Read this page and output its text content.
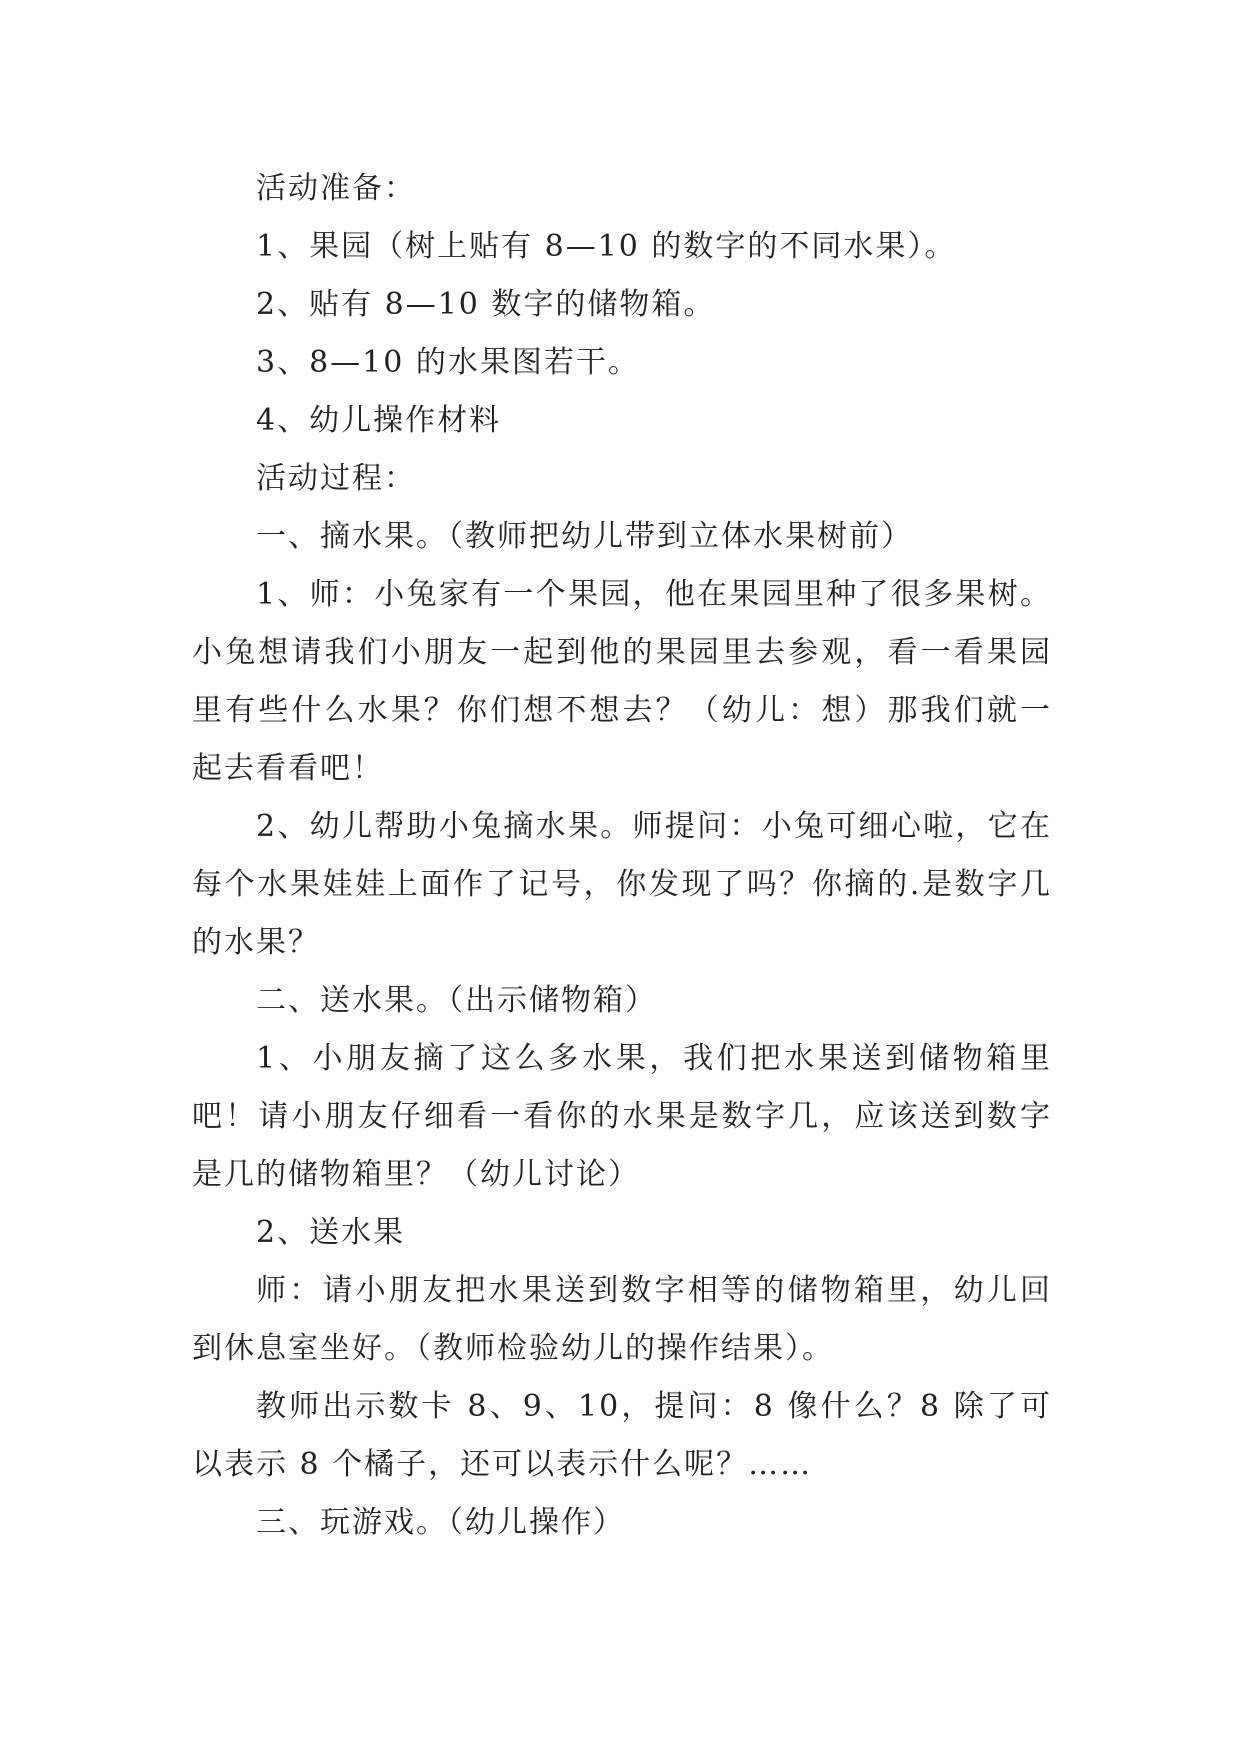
活动准备：

1、果园（树上贴有 8—10 的数字的不同水果）。

2、贴有 8—10 数字的储物箱。

3、8—10 的水果图若干。

4、幼儿操作材料

活动过程：

一、摘水果。（教师把幼儿带到立体水果树前）

1、师：小兔家有一个果园，他在果园里种了很多果树。小兔想请我们小朋友一起到他的果园里去参观，看一看果园里有些什么水果？你们想不想去？（幼儿：想）那我们就一起去看看吧！

2、幼儿帮助小兔摘水果。师提问：小兔可细心啦，它在每个水果娃娃上面作了记号，你发现了吗？你摘的.是数字几的水果？

二、送水果。（出示储物箱）

1、小朋友摘了这么多水果，我们把水果送到储物箱里吧！请小朋友仔细看一看你的水果是数字几，应该送到数字是几的储物箱里？（幼儿讨论）

2、送水果

师：请小朋友把水果送到数字相等的储物箱里，幼儿回到休息室坐好。（教师检验幼儿的操作结果）。

教师出示数卡 8、9、10，提问：8 像什么？8 除了可以表示 8 个橘子，还可以表示什么呢？……

三、玩游戏。（幼儿操作）
